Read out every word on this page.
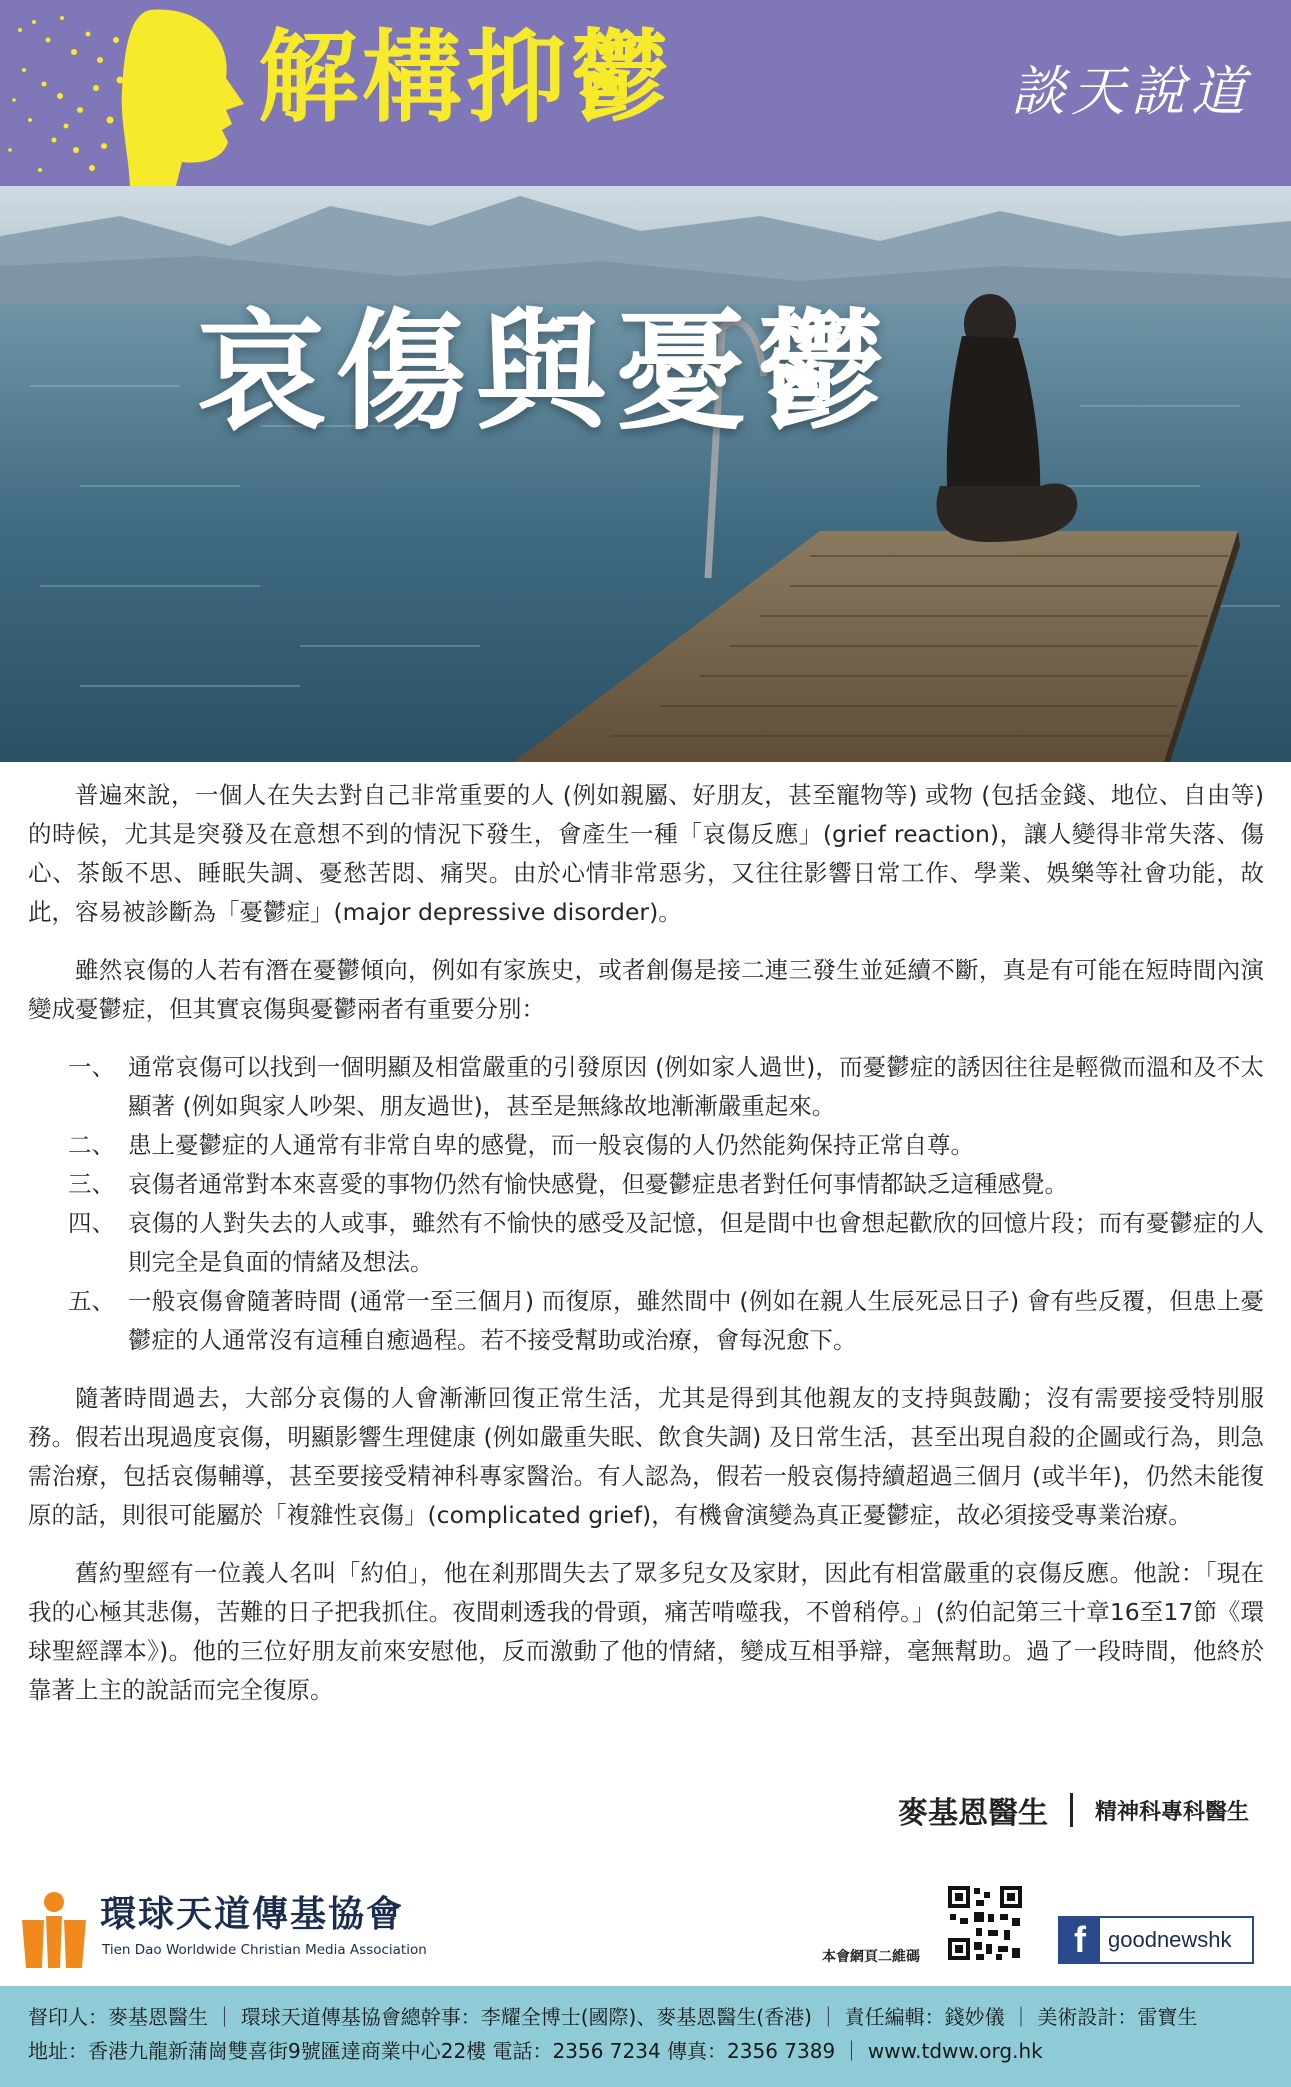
解構抑鬱	談天說道
哀傷與憂鬱

普遍來說，一個人在失去對自己非常重要的人 (例如親屬、好朋友，甚至寵物等) 或物 (包括金錢、地位、自由等) 的時候，尤其是突發及在意想不到的情況下發生，會產生一種「哀傷反應」(grief reaction)，讓人變得非常失落、傷心、茶飯不思、睡眠失調、憂愁苦悶、痛哭。由於心情非常惡劣，又往往影響日常工作、學業、娛樂等社會功能，故此，容易被診斷為「憂鬱症」(major depressive disorder)。

雖然哀傷的人若有潛在憂鬱傾向，例如有家族史，或者創傷是接二連三發生並延續不斷，真是有可能在短時間內演變成憂鬱症，但其實哀傷與憂鬱兩者有重要分別：

一、 通常哀傷可以找到一個明顯及相當嚴重的引發原因 (例如家人過世)，而憂鬱症的誘因往往是輕微而溫和及不太顯著 (例如與家人吵架、朋友過世)，甚至是無緣故地漸漸嚴重起來。
二、 患上憂鬱症的人通常有非常自卑的感覺，而一般哀傷的人仍然能夠保持正常自尊。
三、 哀傷者通常對本來喜愛的事物仍然有愉快感覺，但憂鬱症患者對任何事情都缺乏這種感覺。
四、 哀傷的人對失去的人或事，雖然有不愉快的感受及記憶，但是間中也會想起歡欣的回憶片段；而有憂鬱症的人則完全是負面的情緒及想法。
五、 一般哀傷會隨著時間 (通常一至三個月) 而復原，雖然間中 (例如在親人生辰死忌日子) 會有些反覆，但患上憂鬱症的人通常沒有這種自癒過程。若不接受幫助或治療，會每況愈下。

隨著時間過去，大部分哀傷的人會漸漸回復正常生活，尤其是得到其他親友的支持與鼓勵；沒有需要接受特別服務。假若出現過度哀傷，明顯影響生理健康 (例如嚴重失眠、飲食失調) 及日常生活，甚至出現自殺的企圖或行為，則急需治療，包括哀傷輔導，甚至要接受精神科專家醫治。有人認為，假若一般哀傷持續超過三個月 (或半年)，仍然未能復原的話，則很可能屬於「複雜性哀傷」(complicated grief)，有機會演變為真正憂鬱症，故必須接受專業治療。

舊約聖經有一位義人名叫「約伯」，他在剎那間失去了眾多兒女及家財，因此有相當嚴重的哀傷反應。他說：「現在我的心極其悲傷，苦難的日子把我抓住。夜間刺透我的骨頭，痛苦啃噬我，不曾稍停。」(約伯記第三十章16至17節《環球聖經譯本》)。他的三位好朋友前來安慰他，反而激動了他的情緒，變成互相爭辯，毫無幫助。過了一段時間，他終於靠著上主的說話而完全復原。

麥基恩醫生 精神科專科醫生
環球天道傳基協會
Tien Dao Worldwide Christian Media Association	本會網頁二維碼	f	goodnewshk
督印人：麥基恩醫生 ｜ 環球天道傳基協會總幹事：李耀全博士(國際)、麥基恩醫生(香港) ｜ 責任編輯：錢妙儀 ｜ 美術設計：雷寶生
地址：香港九龍新蒲崗雙喜街9號匯達商業中心22樓 電話：2356 7234 傳真：2356 7389 ｜ www.tdww.org.hk
